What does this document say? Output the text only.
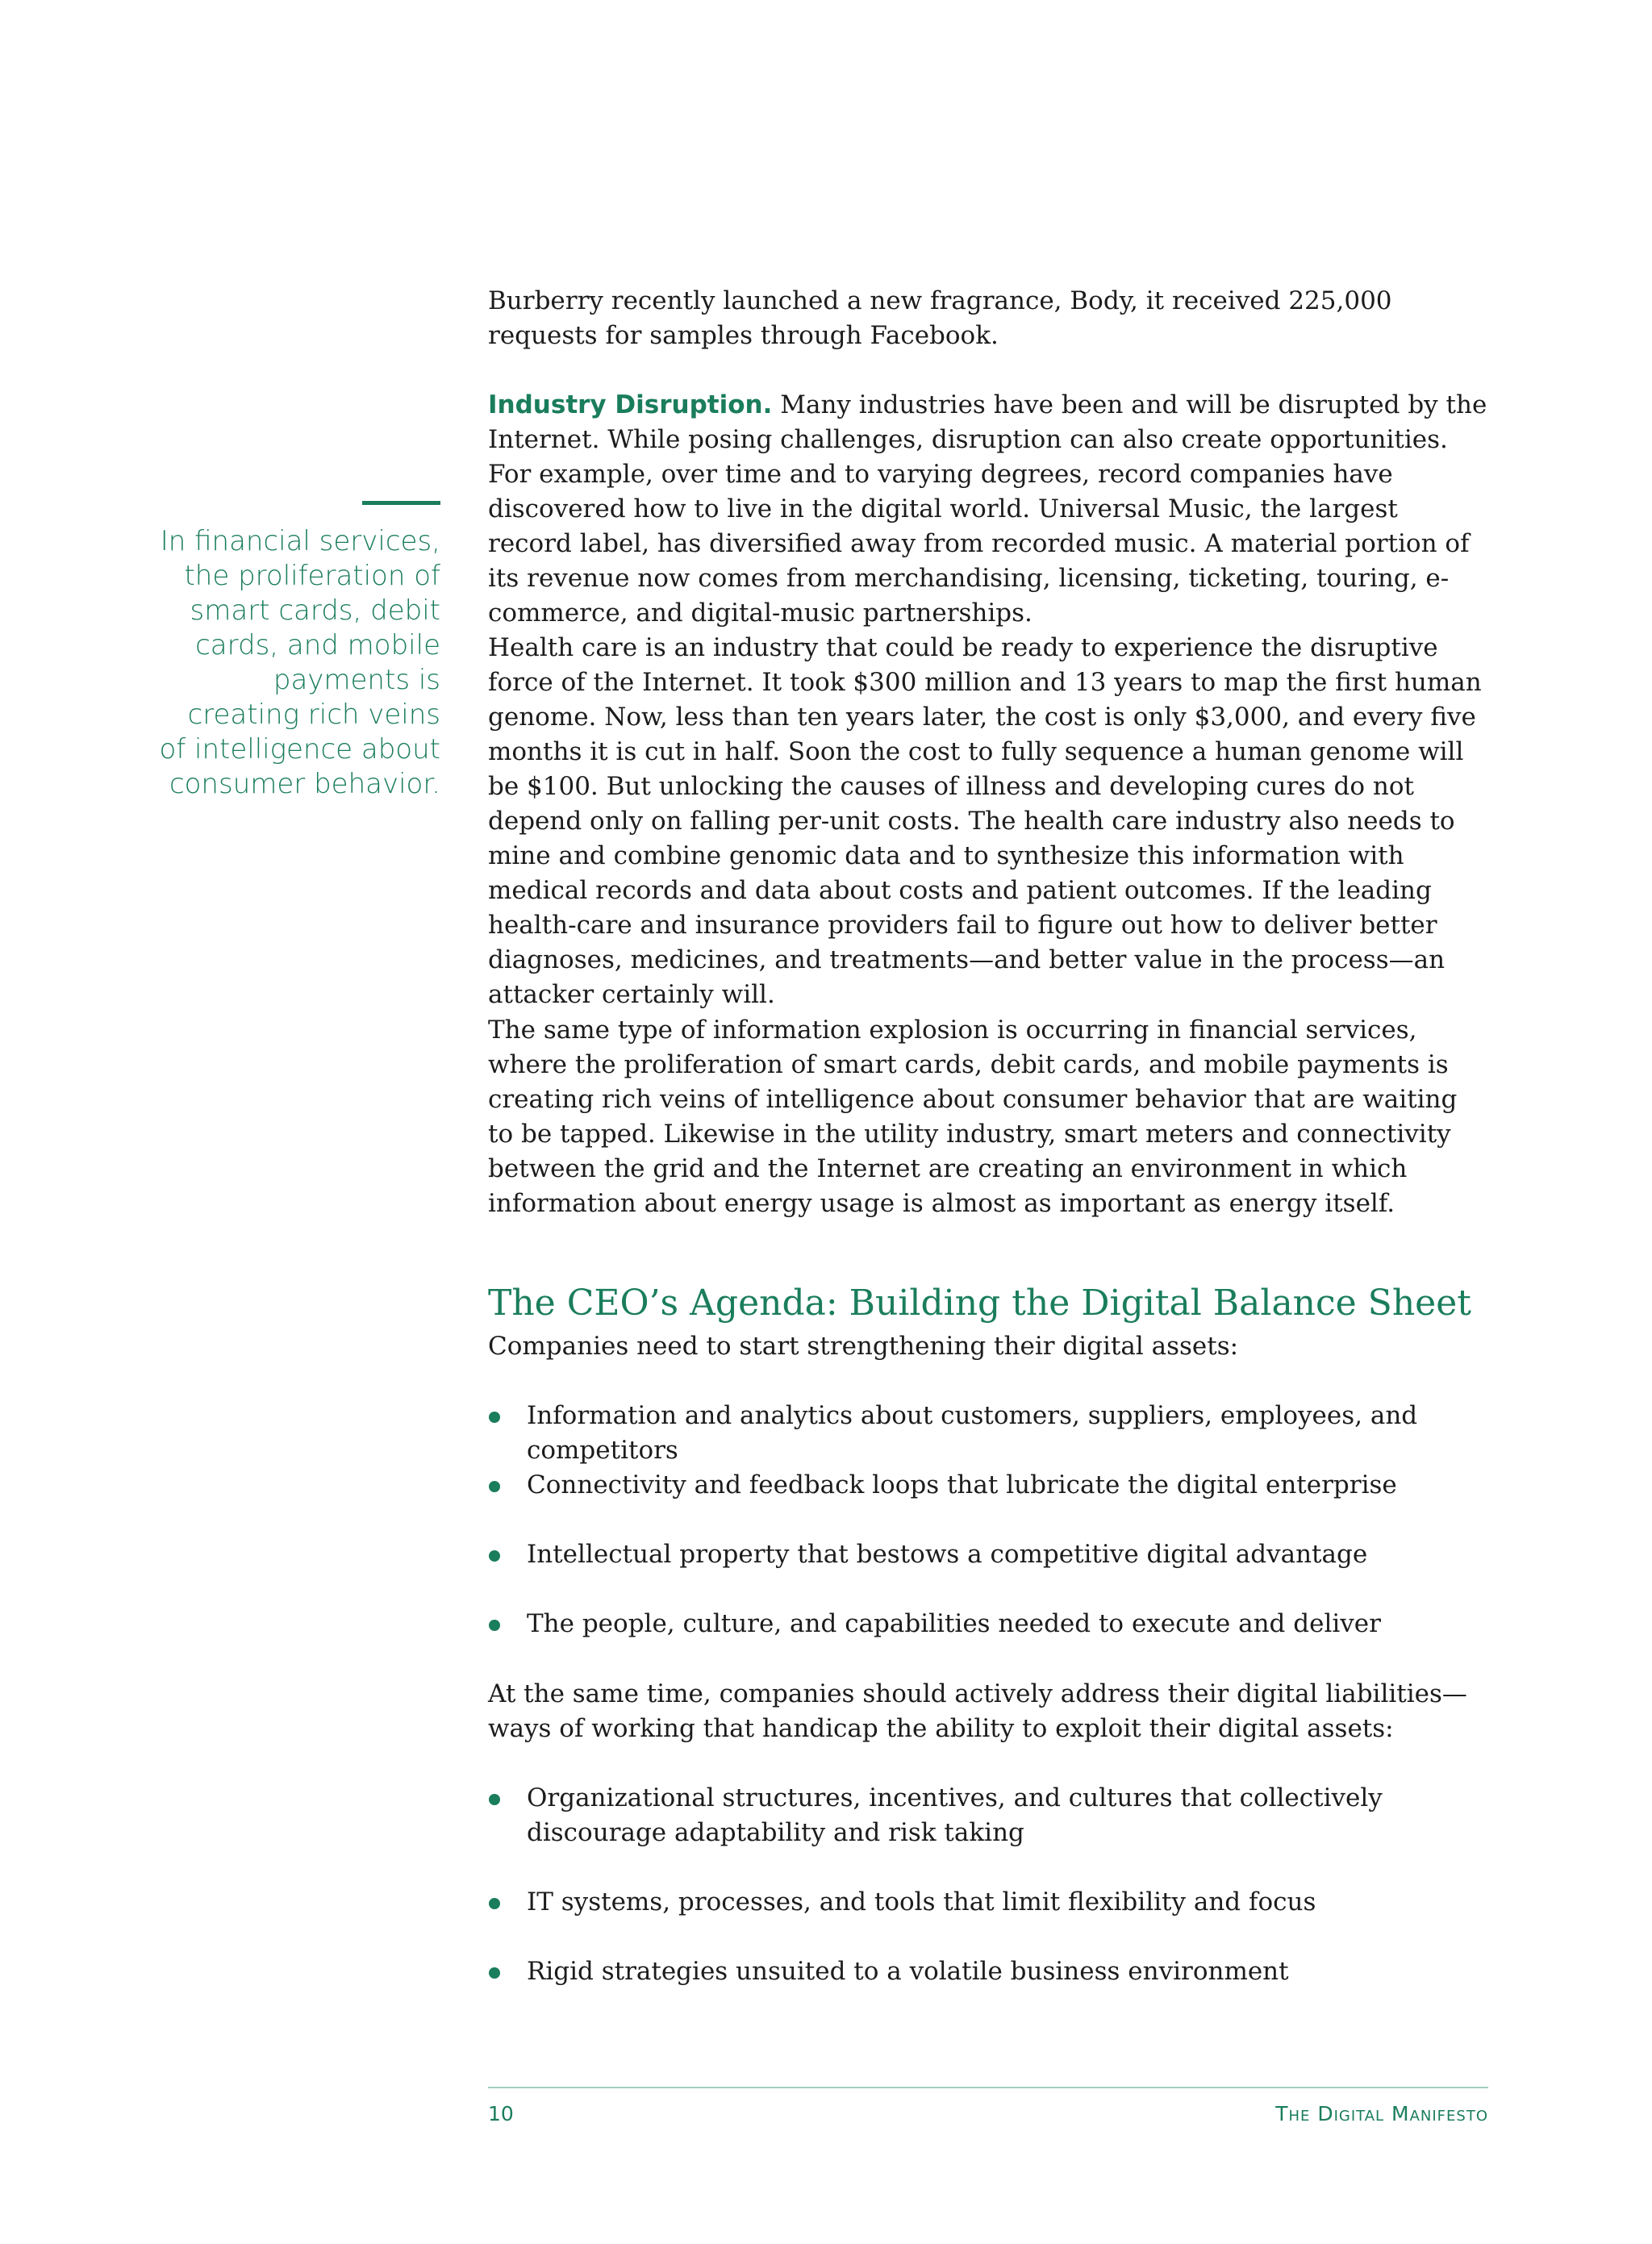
In financial services, the proliferation of smart cards, debit cards, and mobile payments is creating rich veins of intelligence about consumer behavior.

Burberry recently launched a new fragrance, Body, it received 225,000 requests for samples through Facebook.

Industry Disruption. Many industries have been and will be disrupted by the Internet. While posing challenges, disruption can also create opportunities. For example, over time and to varying degrees, record companies have discovered how to live in the digital world. Universal Music, the largest record label, has diversified away from recorded music. A material portion of its revenue now comes from merchandising, licensing, ticketing, touring, e-commerce, and digital-music partnerships.

Health care is an industry that could be ready to experience the disruptive force of the Internet. It took $300 million and 13 years to map the first human genome. Now, less than ten years later, the cost is only $3,000, and every five months it is cut in half. Soon the cost to fully sequence a human genome will be $100. But unlocking the causes of illness and developing cures do not depend only on falling per-unit costs. The health care industry also needs to mine and combine genomic data and to synthesize this information with medical records and data about costs and patient outcomes. If the leading health-care and insurance providers fail to figure out how to deliver better diagnoses, medicines, and treatments—and better value in the process—an attacker certainly will.

The same type of information explosion is occurring in financial services, where the proliferation of smart cards, debit cards, and mobile payments is creating rich veins of intelligence about consumer behavior that are waiting to be tapped. Likewise in the utility industry, smart meters and connectivity between the grid and the Internet are creating an environment in which information about energy usage is almost as important as energy itself.

The CEO’s Agenda: Building the Digital Balance Sheet

Companies need to start strengthening their digital assets:

Information and analytics about customers, suppliers, employees, and competitors
Connectivity and feedback loops that lubricate the digital enterprise
Intellectual property that bestows a competitive digital advantage
The people, culture, and capabilities needed to execute and deliver

At the same time, companies should actively address their digital liabilities—ways of working that handicap the ability to exploit their digital assets:

Organizational structures, incentives, and cultures that collectively discourage adaptability and risk taking
IT systems, processes, and tools that limit flexibility and focus
Rigid strategies unsuited to a volatile business environment
10	The Digital Manifesto
